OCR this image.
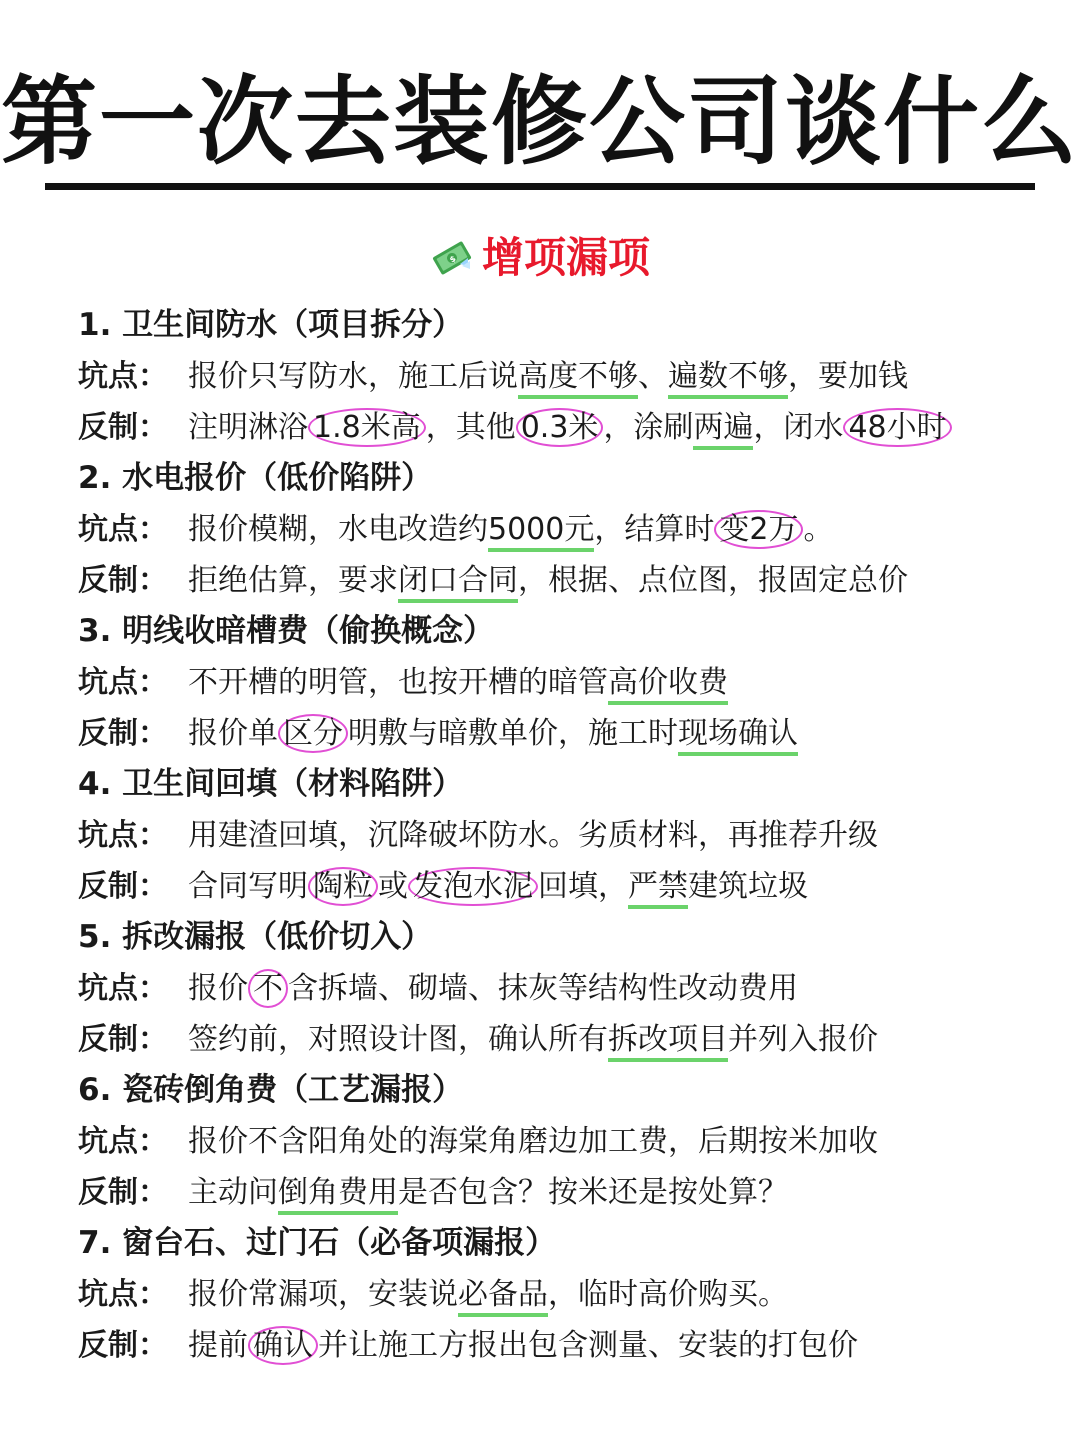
第一次去装修公司谈什么
$ 增项漏项
1. 卫生间防水（项目拆分）
坑点： 报价只写防水，施工后说高度不够、遍数不够，要加钱
反制： 注明淋浴 1.8米高 ，其他 0.3米 ，涂刷两遍，闭水 48小时
2. 水电报价（低价陷阱）
坑点： 报价模糊，水电改造约5000元，结算时 变2万 。
反制： 拒绝估算，要求闭口合同，根据、点位图，报固定总价
3. 明线收暗槽费（偷换概念）
坑点： 不开槽的明管，也按开槽的暗管高价收费
反制： 报价单 区分 明敷与暗敷单价，施工时现场确认
4. 卫生间回填（材料陷阱）
坑点： 用建渣回填，沉降破坏防水。劣质材料，再推荐升级
反制： 合同写明 陶粒 或 发泡水泥 回填，严禁建筑垃圾
5. 拆改漏报（低价切入）
坑点： 报价 不 含拆墙、砌墙、抹灰等结构性改动费用
反制： 签约前，对照设计图，确认所有拆改项目并列入报价
6. 瓷砖倒角费（工艺漏报）
坑点： 报价不含阳角处的海棠角磨边加工费，后期按米加收
反制： 主动问倒角费用是否包含？按米还是按处算？
7. 窗台石、过门石（必备项漏报）
坑点： 报价常漏项，安装说必备品，临时高价购买。
反制： 提前 确认 并让施工方报出包含测量、安装的打包价
